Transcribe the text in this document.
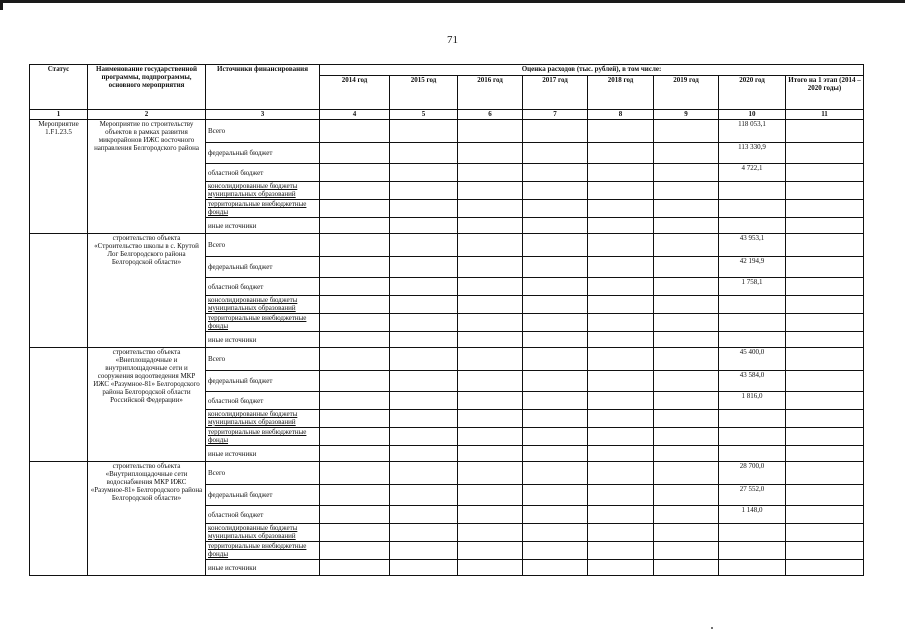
71
Статус	Наименование государственной программы, подпрограммы, основного мероприятия	Источники финансирования	Оценка расходов (тыс. рублей), в том числе:							
			2014 год	2015 год	2016 год	2017 год	2018 год	2019 год	2020 год	Итого на 1 этап (2014 – 2020 годы)
1	2	3	4	5	6	7	8	9	10	11
Мероприятие 1.F1.23.5	Мероприятие по строительству объектов в рамках развития микрорайонов ИЖС восточного направления Белгородского района	Всего							118 053,1	
		федеральный бюджет							113 330,9	
		областной бюджет							4 722,1	
		консолидированные бюджеты муниципальных образований								
		территориальные внебюджетные фонды								
		иные источники								
	строительство объекта «Строительство школы в с. Крутой Лог Белгородского района Белгородской области»	Всего							43 953,1	
		федеральный бюджет							42 194,9	
		областной бюджет							1 758,1	
		консолидированные бюджеты муниципальных образований								
		территориальные внебюджетные фонды								
		иные источники								
	строительство объекта «Внеплощадочные и внутриплощадочные сети и сооружения водоотведения МКР ИЖС «Разумное-81» Белгородского района Белгородской области Российской Федерации»	Всего							45 400,0	
		федеральный бюджет							43 584,0	
		областной бюджет							1 816,0	
		консолидированные бюджеты муниципальных образований								
		территориальные внебюджетные фонды								
		иные источники								
	строительство объекта «Внутриплощадочные сети водоснабжения МКР ИЖС «Разумное-81» Белгородского района Белгородской области»	Всего							28 700,0	
		федеральный бюджет							27 552,0	
		областной бюджет							1 148,0	
		консолидированные бюджеты муниципальных образований								
		территориальные внебюджетные фонды								
		иные источники								
